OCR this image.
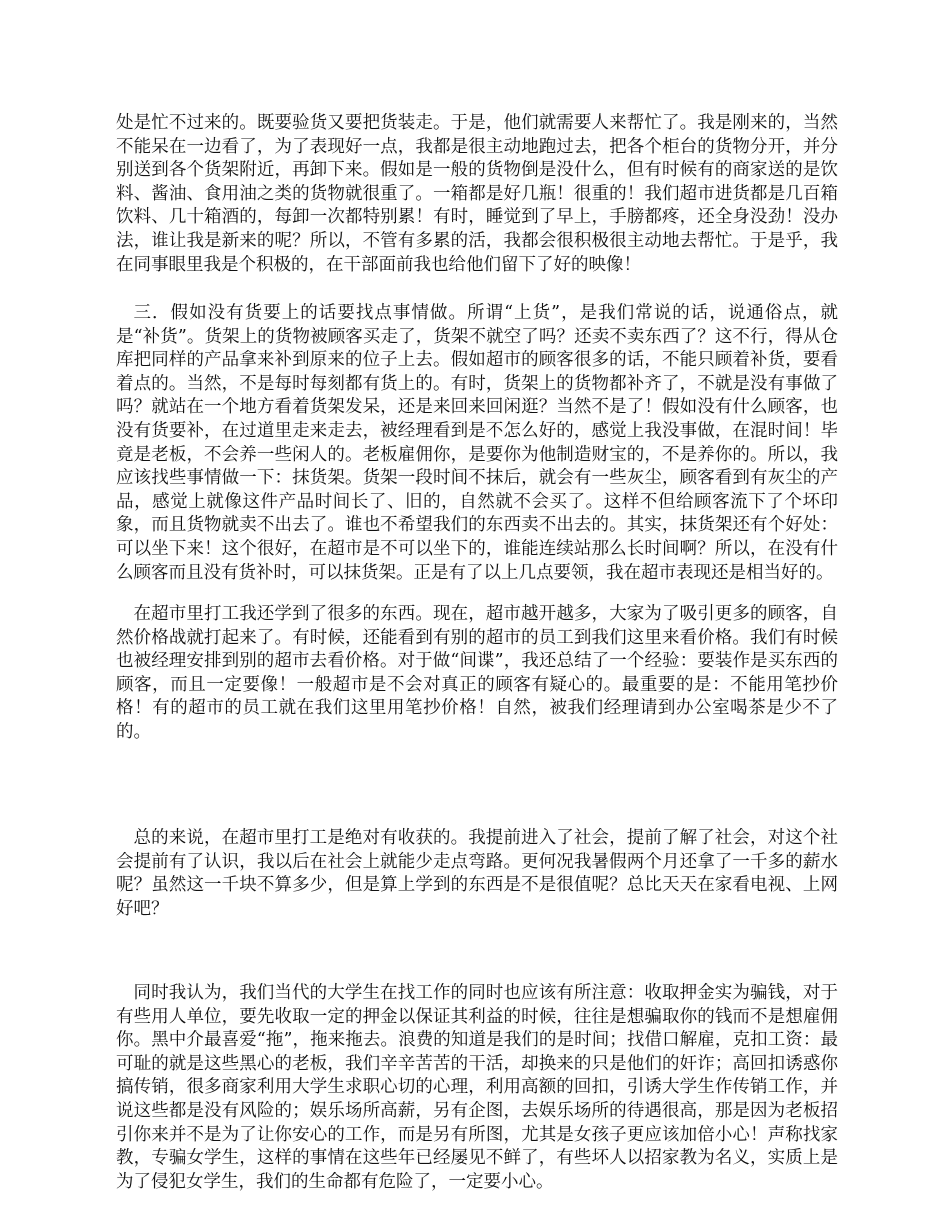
处是忙不过来的。既要验货又要把货装走。于是，他们就需要人来帮忙了。我是刚来的，当然不能呆在一边看了，为了表现好一点，我都是很主动地跑过去，把各个柜台的货物分开，并分别送到各个货架附近，再卸下来。假如是一般的货物倒是没什么，但有时候有的商家送的是饮料、酱油、食用油之类的货物就很重了。一箱都是好几瓶！很重的！我们超市进货都是几百箱饮料、几十箱酒的，每卸一次都特别累！有时，睡觉到了早上，手膀都疼，还全身没劲！没办法，谁让我是新来的呢？所以，不管有多累的活，我都会很积极很主动地去帮忙。于是乎，我在同事眼里我是个积极的，在干部面前我也给他们留下了好的映像！

三．假如没有货要上的话要找点事情做。所谓“上货”，是我们常说的话，说通俗点，就是“补货”。货架上的货物被顾客买走了，货架不就空了吗？还卖不卖东西了？这不行，得从仓库把同样的产品拿来补到原来的位子上去。假如超市的顾客很多的话，不能只顾着补货，要看着点的。当然，不是每时每刻都有货上的。有时，货架上的货物都补齐了，不就是没有事做了吗？就站在一个地方看着货架发呆，还是来回来回闲逛？当然不是了！假如没有什么顾客，也没有货要补，在过道里走来走去，被经理看到是不怎么好的，感觉上我没事做，在混时间！毕竟是老板，不会养一些闲人的。老板雇佣你，是要你为他制造财宝的，不是养你的。所以，我应该找些事情做一下：抹货架。货架一段时间不抹后，就会有一些灰尘，顾客看到有灰尘的产品，感觉上就像这件产品时间长了、旧的，自然就不会买了。这样不但给顾客流下了个坏印象，而且货物就卖不出去了。谁也不希望我们的东西卖不出去的。其实，抹货架还有个好处：可以坐下来！这个很好，在超市是不可以坐下的，谁能连续站那么长时间啊？所以，在没有什么顾客而且没有货补时，可以抹货架。正是有了以上几点要领，我在超市表现还是相当好的。

在超市里打工我还学到了很多的东西。现在，超市越开越多，大家为了吸引更多的顾客，自然价格战就打起来了。有时候，还能看到有别的超市的员工到我们这里来看价格。我们有时候也被经理安排到别的超市去看价格。对于做“间谍”，我还总结了一个经验：要装作是买东西的顾客，而且一定要像！一般超市是不会对真正的顾客有疑心的。最重要的是：不能用笔抄价格！有的超市的员工就在我们这里用笔抄价格！自然，被我们经理请到办公室喝茶是少不了的。

总的来说，在超市里打工是绝对有收获的。我提前进入了社会，提前了解了社会，对这个社会提前有了认识，我以后在社会上就能少走点弯路。更何况我暑假两个月还拿了一千多的薪水呢？虽然这一千块不算多少，但是算上学到的东西是不是很值呢？总比天天在家看电视、上网好吧？

同时我认为，我们当代的大学生在找工作的同时也应该有所注意：收取押金实为骗钱，对于有些用人单位，要先收取一定的押金以保证其利益的时候，往往是想骗取你的钱而不是想雇佣你。黑中介最喜爱“拖”，拖来拖去。浪费的知道是我们的是时间；找借口解雇，克扣工资：最可耻的就是这些黑心的老板，我们辛辛苦苦的干活，却换来的只是他们的奸诈；高回扣诱惑你搞传销，很多商家利用大学生求职心切的心理，利用高额的回扣，引诱大学生作传销工作，并说这些都是没有风险的；娱乐场所高薪，另有企图，去娱乐场所的待遇很高，那是因为老板招引你来并不是为了让你安心的工作，而是另有所图，尤其是女孩子更应该加倍小心！声称找家教，专骗女学生，这样的事情在这些年已经屡见不鲜了，有些坏人以招家教为名义，实质上是为了侵犯女学生，我们的生命都有危险了，一定要小心。
